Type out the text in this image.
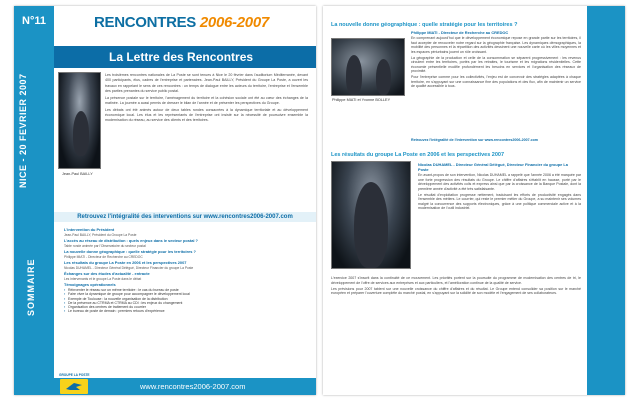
N°11
NICE - 20 FEVRIER 2007
SOMMAIRE
RENCONTRES 2006-2007
La Lettre des Rencontres
Jean-Paul BAILLY

Les troisièmes rencontres nationales de La Poste se sont tenues à Nice le 20 février dans l'auditorium Méditerranée, devant 400 participants, élus, cadres de l'entreprise et partenaires. Jean-Paul BAILLY, Président du Groupe La Poste, a ouvert les travaux en rappelant le sens de ces rencontres : un temps de dialogue entre les acteurs du territoire, l'entreprise et l'ensemble des parties prenantes du service public postal.

La présence postale sur le territoire, l'aménagement du territoire et la cohésion sociale ont été au cœur des échanges de la matinée. La journée a aussi permis de dresser le bilan de l'année et de présenter les perspectives du Groupe.

Les débats ont été animés autour de deux tables rondes consacrées à la dynamique territoriale et au développement économique local. Les élus et les représentants de l'entreprise ont insisté sur la nécessité de poursuivre ensemble la modernisation du réseau, au service des clients et des territoires.

Retrouvez l'intégralité des interventions sur www.rencontres2006-2007.com
L'intervention du Président
Jean-Paul BAILLY, Président du Groupe La Poste
L'accès au réseau de distribution : quels enjeux dans le secteur postal ?
Table ronde animée par l'Observatoire du secteur postal
La nouvelle donne géographique : quelle stratégie pour les territoires ?
Philippe MIATI - Directeur de Recherche au CREDOC
Les résultats du groupe La Poste en 2006 et les perspectives 2007
Nicolas DUHAMEL - Directeur Général Délégué, Directeur Financier du groupe La Poste
Échanges sur des études d'actualité - entracte
Les intervenants et le groupe La Poste dans le débat
Témoignages opérationnels
▪ Réinventer le réseau sur un même territoire : le cas du bureau de poste
▪ Faire vivre la dynamique de groupe pour accompagner le développement local
▪ Exemple de Toulouse : la nouvelle organisation de la distribution
▪ De la présence au CTRMA et CTRMA au CDI : les enjeux du changement
▪ Organisation des centres de traitement du courrier
▪ Le bureau de poste de demain : premiers retours d'expérience
www.rencontres2006-2007.com
GROUPE LA POSTE
La nouvelle donne géographique : quelle stratégie pour les territoires ?
Philippe MIATI - Directeur de Recherche au CREDOC
Philippe MIATI et Yvonne BOLLEY

En comprenant aujourd'hui que le développement économique repose en grande partie sur les territoires, il faut accepter de renouveler notre regard sur la géographie française. Les dynamiques démographiques, la mobilité des personnes et la répartition des activités dessinent une nouvelle carte où les villes moyennes et les espaces périurbains jouent un rôle croissant.

La géographie de la production et celle de la consommation se séparent progressivement : les revenus circulent entre les territoires, portés par les retraites, le tourisme et les migrations résidentielles. Cette économie présentielle modifie profondément les besoins en services et l'organisation des réseaux de proximité.

Pour l'entreprise comme pour les collectivités, l'enjeu est de concevoir des stratégies adaptées à chaque territoire, en s'appuyant sur une connaissance fine des populations et des flux, afin de maintenir un service de qualité accessible à tous.

Retrouvez l'intégralité de l'intervention sur www.rencontres2006-2007.com
Les résultats du groupe La Poste en 2006 et les perspectives 2007
Nicolas DUHAMEL - Directeur Général Délégué, Directeur Financier du groupe La Poste

En avant-propos de son intervention, Nicolas DUHAMEL a rappelé que l'année 2006 a été marquée par une forte progression des résultats du Groupe. Le chiffre d'affaires s'établit en hausse, porté par le développement des activités colis et express ainsi que par la croissance de la Banque Postale, dont la première année d'activité a été très satisfaisante.

Le résultat d'exploitation progresse nettement, traduisant les efforts de productivité engagés dans l'ensemble des métiers. Le courrier, qui reste le premier métier du Groupe, a su maintenir ses volumes malgré la concurrence des supports électroniques, grâce à une politique commerciale active et à la modernisation de l'outil industriel.

L'exercice 2007 s'inscrit dans la continuité de ce mouvement. Les priorités portent sur la poursuite du programme de modernisation des centres de tri, le développement de l'offre de services aux entreprises et aux particuliers, et l'amélioration continue de la qualité de service.

Les prévisions pour 2007 tablent sur une nouvelle croissance du chiffre d'affaires et du résultat. Le Groupe entend consolider sa position sur le marché européen et préparer l'ouverture complète du marché postal, en s'appuyant sur la solidité de son modèle et l'engagement de ses collaborateurs.
